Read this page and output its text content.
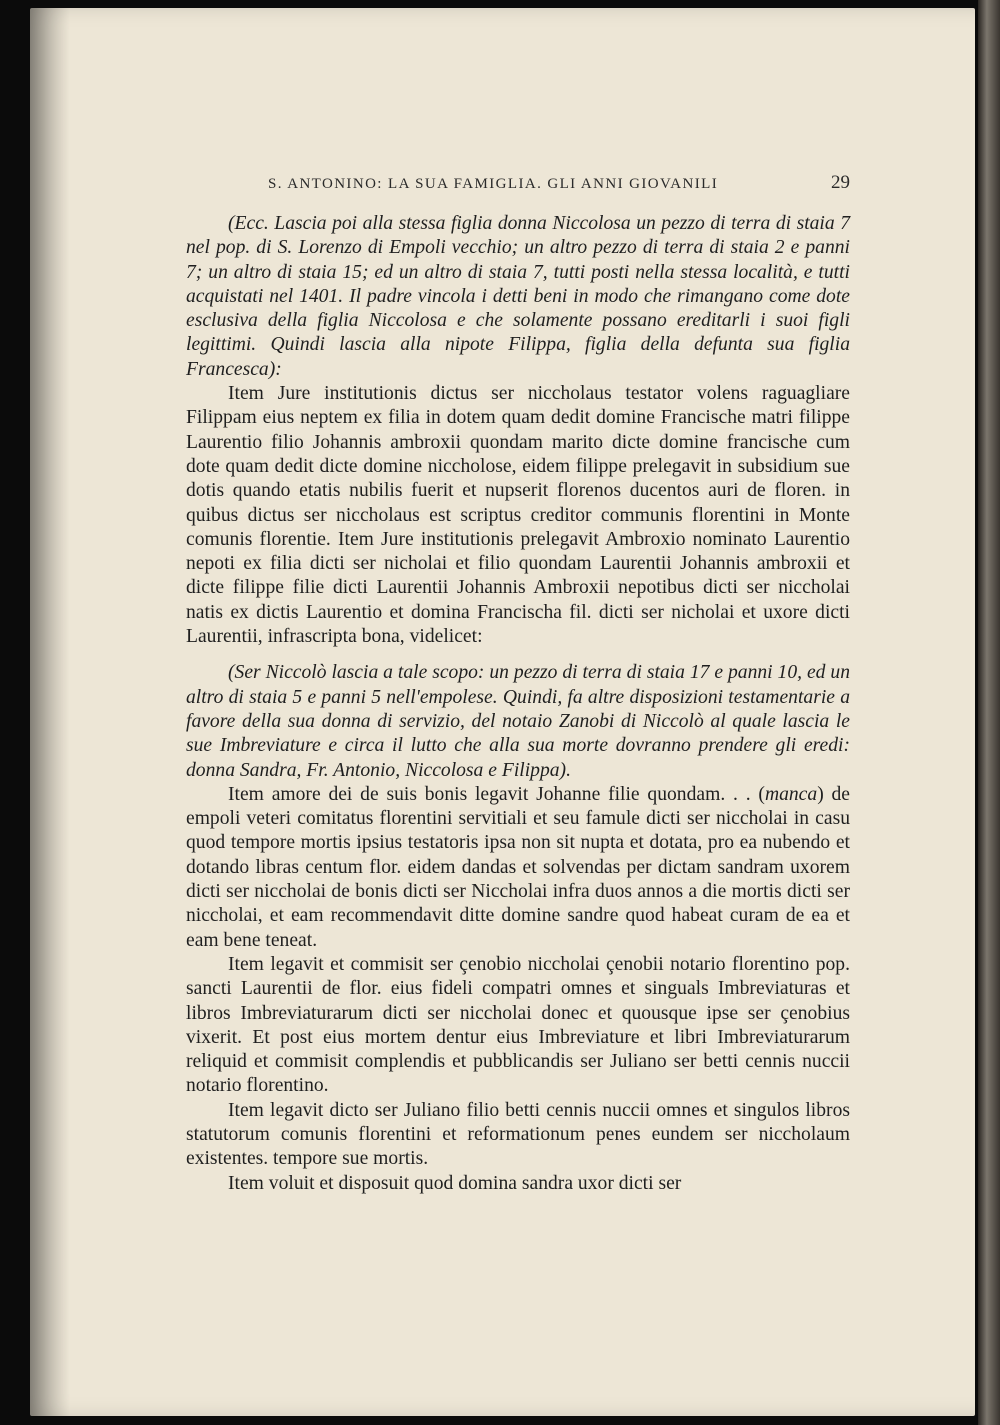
S. ANTONINO: LA SUA FAMIGLIA. GLI ANNI GIOVANILI	29

(Ecc. Lascia poi alla stessa figlia donna Niccolosa un pezzo di terra di staia 7 nel pop. di S. Lorenzo di Empoli vecchio; un altro pezzo di terra di staia 2 e panni 7; un altro di staia 15; ed un altro di staia 7, tutti posti nella stessa località, e tutti acquistati nel 1401. Il padre vincola i detti beni in modo che rimangano come dote esclusiva della figlia Niccolosa e che solamente possano ereditarli i suoi figli legittimi. Quindi lascia alla nipote Filippa, figlia della defunta sua figlia Francesca):

Item Jure institutionis dictus ser niccholaus testator volens raguagliare Filippam eius neptem ex filia in dotem quam dedit domine Francische matri filippe Laurentio filio Johannis ambroxii quondam marito dicte domine francische cum dote quam dedit dicte domine niccholose, eidem filippe prelegavit in subsidium sue dotis quando etatis nubilis fuerit et nupserit florenos ducentos auri de floren. in quibus dictus ser niccholaus est scriptus creditor communis florentini in Monte comunis florentie. Item Jure institutionis prelegavit Ambroxio nominato Laurentio nepoti ex filia dicti ser nicholai et filio quondam Laurentii Johannis ambroxii et dicte filippe filie dicti Laurentii Johannis Ambroxii nepotibus dicti ser niccholai natis ex dictis Laurentio et domina Francischa fil. dicti ser nicholai et uxore dicti Laurentii, infrascripta bona, videlicet:

(Ser Niccolò lascia a tale scopo: un pezzo di terra di staia 17 e panni 10, ed un altro di staia 5 e panni 5 nell'empolese. Quindi, fa altre disposizioni testamentarie a favore della sua donna di servizio, del notaio Zanobi di Niccolò al quale lascia le sue Imbreviature e circa il lutto che alla sua morte dovranno prendere gli eredi: donna Sandra, Fr. Antonio, Niccolosa e Filippa).

Item amore dei de suis bonis legavit Johanne filie quondam. . . (manca) de empoli veteri comitatus florentini servitiali et seu famule dicti ser niccholai in casu quod tempore mortis ipsius testatoris ipsa non sit nupta et dotata, pro ea nubendo et dotando libras centum flor. eidem dandas et solvendas per dictam sandram uxorem dicti ser niccholai de bonis dicti ser Niccholai infra duos annos a die mortis dicti ser niccholai, et eam recommendavit ditte domine sandre quod habeat curam de ea et eam bene teneat.

Item legavit et commisit ser çenobio niccholai çenobii notario florentino pop. sancti Laurentii de flor. eius fideli compatri omnes et singuals Imbreviaturas et libros Imbreviaturarum dicti ser niccholai donec et quousque ipse ser çenobius vixerit. Et post eius mortem dentur eius Imbreviature et libri Imbreviaturarum reliquid et commisit complendis et pubblicandis ser Juliano ser betti cennis nuccii notario florentino.

Item legavit dicto ser Juliano filio betti cennis nuccii omnes et singulos libros statutorum comunis florentini et reformationum penes eundem ser niccholaum existentes. tempore sue mortis.

Item voluit et disposuit quod domina sandra uxor dicti ser
